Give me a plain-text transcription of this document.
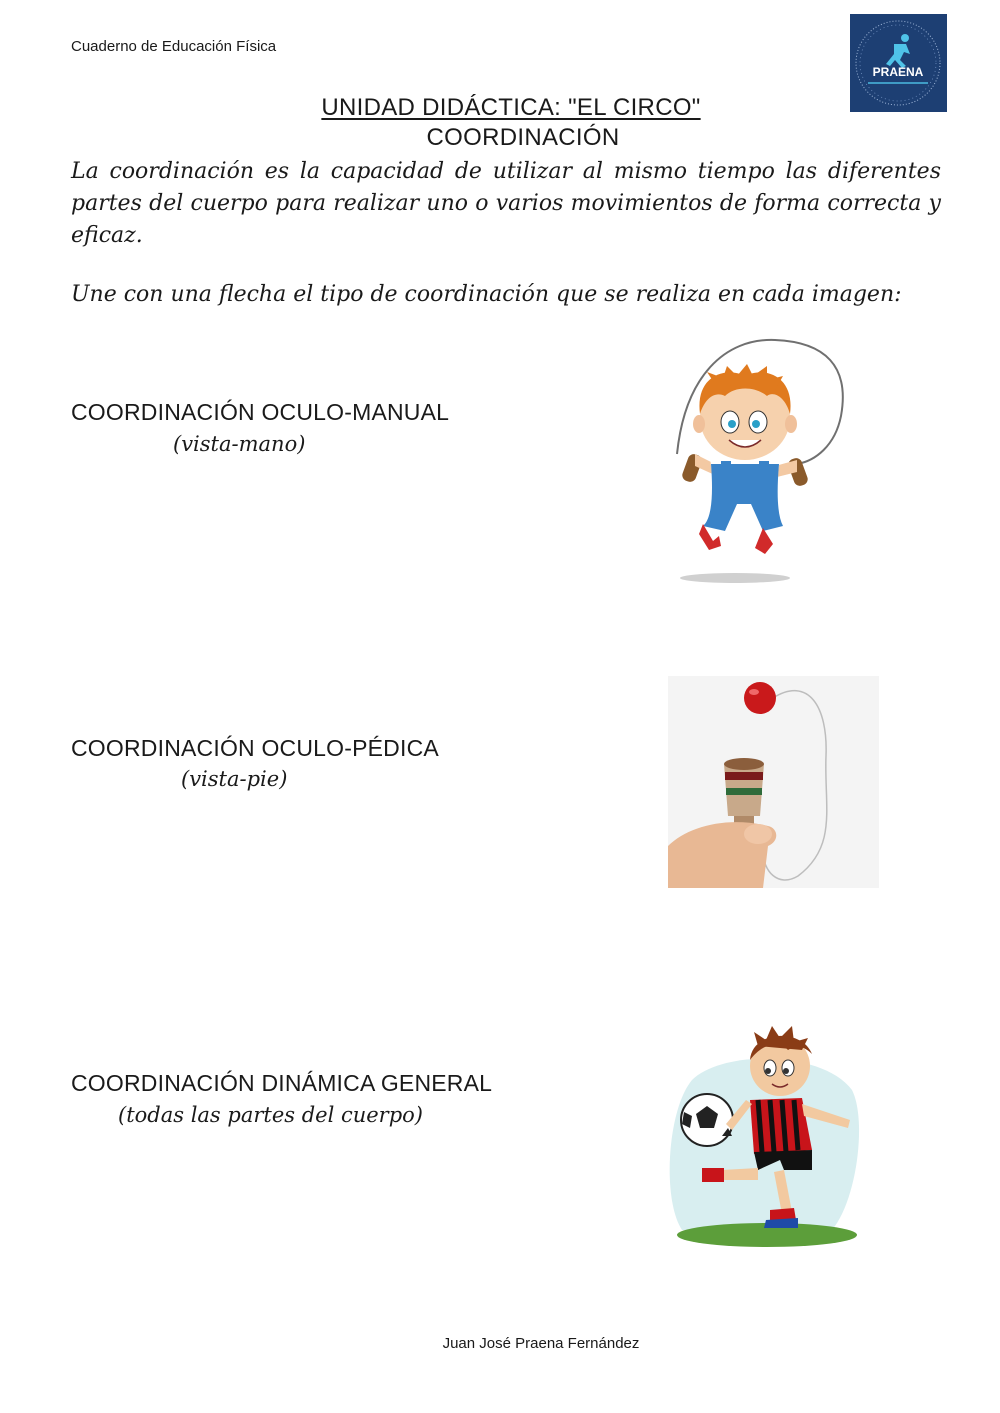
Cuaderno de Educación Física
PRAENA
UNIDAD DIDÁCTICA: "EL CIRCO"
COORDINACIÓN
La coordinación es la capacidad de utilizar al mismo tiempo las diferentes partes del cuerpo para realizar uno o varios movimientos de forma correcta y eficaz.
Une con una flecha el tipo de coordinación que se realiza en cada imagen:
COORDINACIÓN OCULO-MANUAL
(vista-mano)
COORDINACIÓN OCULO-PÉDICA
(vista-pie)
COORDINACIÓN DINÁMICA GENERAL
(todas las partes del cuerpo)
Juan José Praena Fernández
